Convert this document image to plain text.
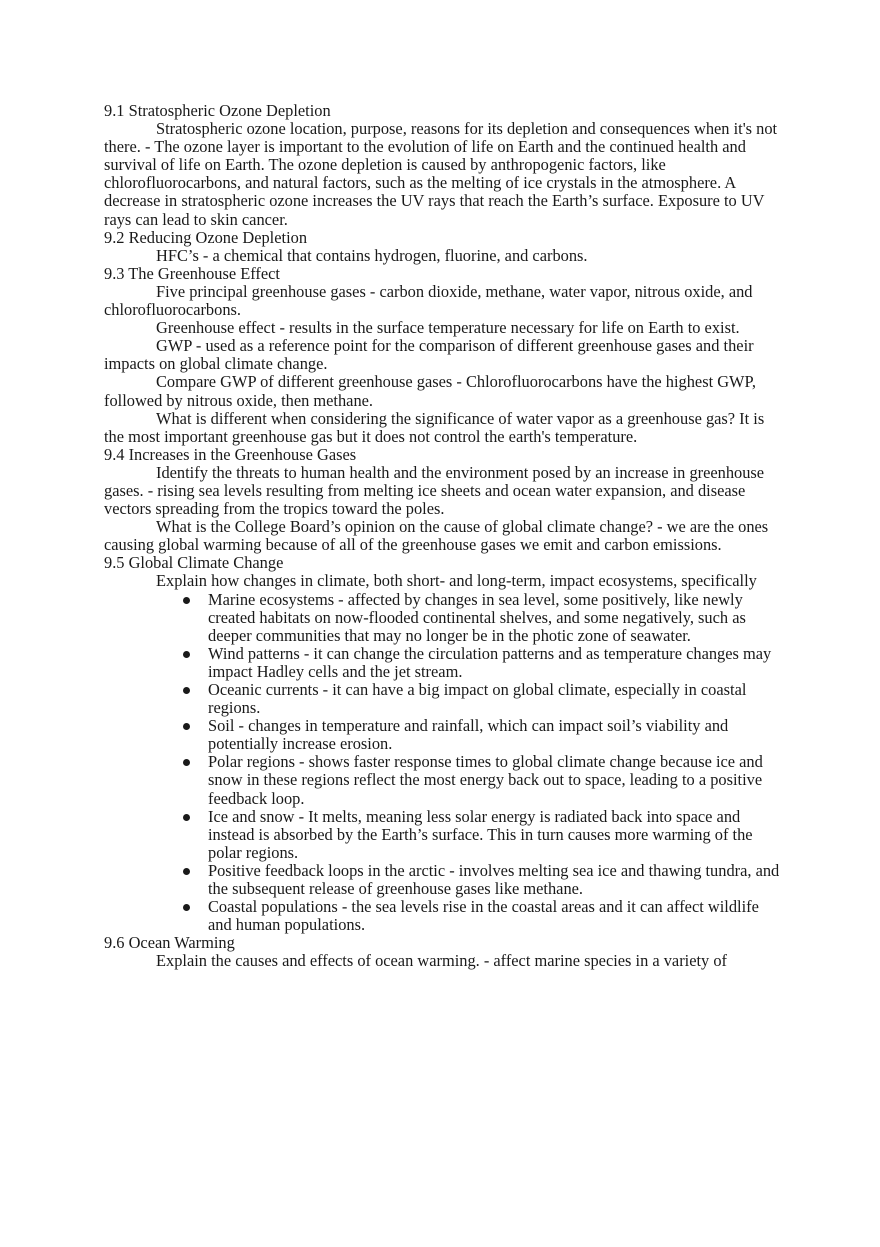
9.1 Stratospheric Ozone Depletion

Stratospheric ozone location, purpose, reasons for its depletion and consequences when it's not there. - The ozone layer is important to the evolution of life on Earth and the continued health and survival of life on Earth. The ozone depletion is caused by anthropogenic factors, like chlorofluorocarbons, and natural factors, such as the melting of ice crystals in the atmosphere. A decrease in stratospheric ozone increases the UV rays that reach the Earth’s surface. Exposure to UV rays can lead to skin cancer.

9.2 Reducing Ozone Depletion

HFC’s - a chemical that contains hydrogen, fluorine, and carbons.

9.3 The Greenhouse Effect

Five principal greenhouse gases - carbon dioxide, methane, water vapor, nitrous oxide, and chlorofluorocarbons.

Greenhouse effect - results in the surface temperature necessary for life on Earth to exist.

GWP - used as a reference point for the comparison of different greenhouse gases and their impacts on global climate change.

Compare GWP of different greenhouse gases - Chlorofluorocarbons have the highest GWP, followed by nitrous oxide, then methane.

What is different when considering the significance of water vapor as a greenhouse gas? It is the most important greenhouse gas but it does not control the earth's temperature.

9.4 Increases in the Greenhouse Gases

Identify the threats to human health and the environment posed by an increase in greenhouse gases. - rising sea levels resulting from melting ice sheets and ocean water expansion, and disease vectors spreading from the tropics toward the poles.

What is the College Board’s opinion on the cause of global climate change? - we are the ones causing global warming because of all of the greenhouse gases we emit and carbon emissions.

9.5 Global Climate Change

Explain how changes in climate, both short- and long-term, impact ecosystems, specifically

Marine ecosystems - affected by changes in sea level, some positively, like newly created habitats on now-flooded continental shelves, and some negatively, such as deeper communities that may no longer be in the photic zone of seawater.
Wind patterns - it can change the circulation patterns and as temperature changes may impact Hadley cells and the jet stream.
Oceanic currents - it can have a big impact on global climate, especially in coastal regions.
Soil - changes in temperature and rainfall, which can impact soil’s viability and potentially increase erosion.
Polar regions - shows faster response times to global climate change because ice and snow in these regions reflect the most energy back out to space, leading to a positive feedback loop.
Ice and snow - It melts, meaning less solar energy is radiated back into space and instead is absorbed by the Earth’s surface. This in turn causes more warming of the polar regions.
Positive feedback loops in the arctic - involves melting sea ice and thawing tundra, and the subsequent release of greenhouse gases like methane.
Coastal populations - the sea levels rise in the coastal areas and it can affect wildlife and human populations.

9.6 Ocean Warming

Explain the causes and effects of ocean warming. - affect marine species in a variety of
